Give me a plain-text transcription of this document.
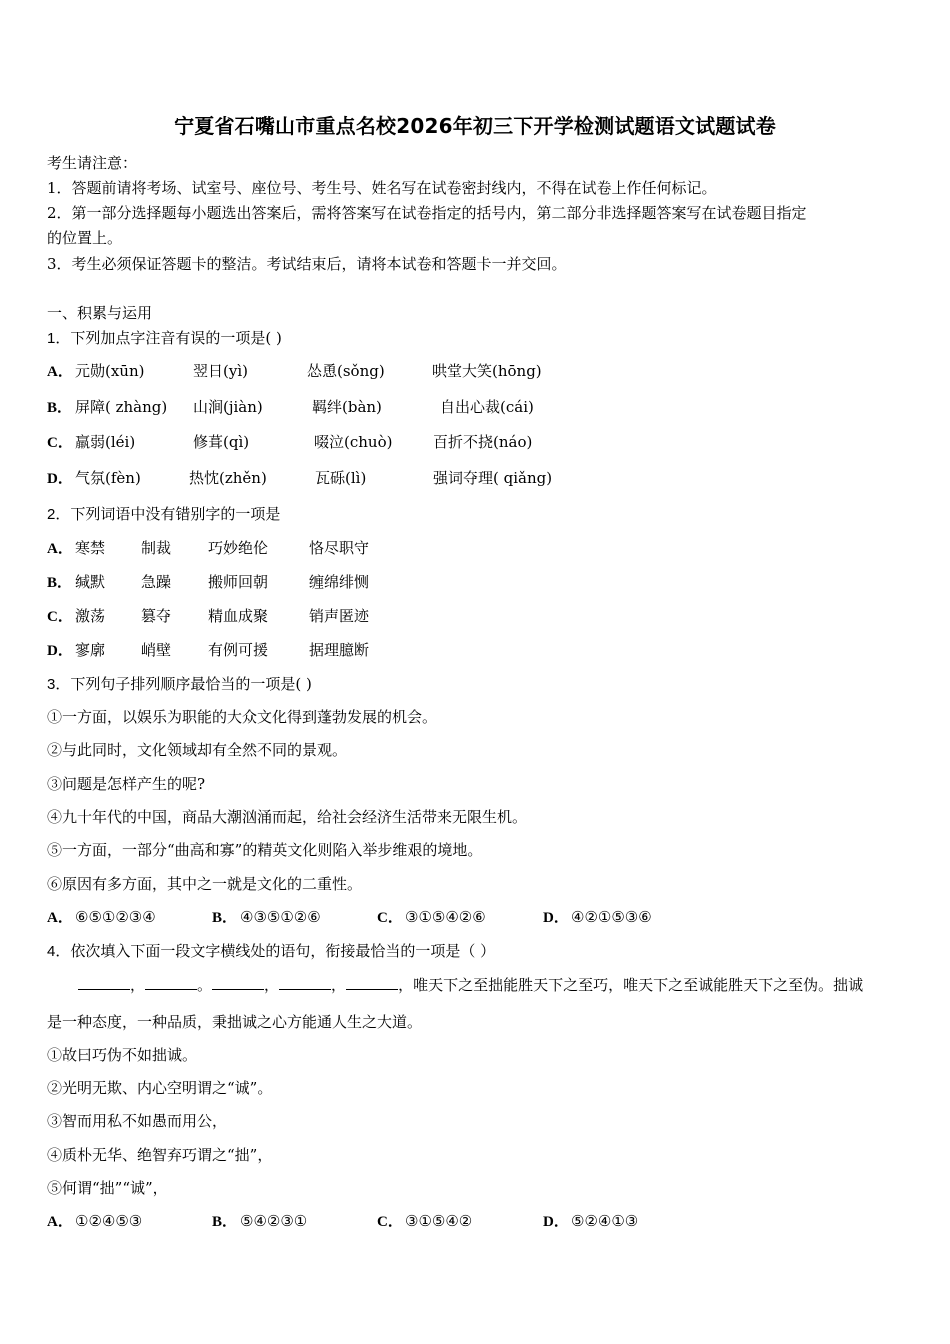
宁夏省石嘴山市重点名校2026年初三下开学检测试题语文试题试卷
考生请注意：
1．答题前请将考场、试室号、座位号、考生号、姓名写在试卷密封线内，不得在试卷上作任何标记。
2．第一部分选择题每小题选出答案后，需将答案写在试卷指定的括号内，第二部分非选择题答案写在试卷题目指定
的位置上。
3．考生必须保证答题卡的整洁。考试结束后，请将本试卷和答题卡一并交回。
一、积累与运用
1．下列加点字注音有误的一项是( )
A． 元勋(xūn)	翌日(yì)	怂恿(sǒng)	哄堂大笑(hōng)
B． 屏障( zhàng) 山涧(jiàn)	羁绊(bàn)	自出心裁(cái)
C． 羸弱(léi)	修葺(qì)	啜泣(chuò)	百折不挠(náo)
D． 气氛(fèn)	热忱(zhěn)	瓦砾(lì)	强词夺理( qiǎng)
2．下列词语中没有错别字的一项是
A． 寒禁 制裁 巧妙绝伦	恪尽职守
B． 缄默 急躁 搬师回朝	缠绵绯恻
C． 激荡 篡夺 精血成聚	销声匿迹
D． 寥廓 峭壁 有例可援	据理臆断
3．下列句子排列顺序最恰当的一项是( )
①一方面，以娱乐为职能的大众文化得到蓬勃发展的机会。
②与此同时，文化领域却有全然不同的景观。
③问题是怎样产生的呢?
④九十年代的中国，商品大潮汹涌而起，给社会经济生活带来无限生机。
⑤一方面，一部分“曲高和寡”的精英文化则陷入举步维艰的境地。
⑥原因有多方面，其中之一就是文化的二重性。
A． ⑥⑤①②③④	B． ④③⑤①②⑥	C． ③①⑤④②⑥	D． ④②①⑤③⑥
4．依次填入下面一段文字横线处的语句，衔接最恰当的一项是（ ）
，	。	，	，	，唯天下之至拙能胜天下之至巧，唯天下之至诚能胜天下之至伪。拙诚
是一种态度，一种品质，秉拙诚之心方能通人生之大道。
①故曰巧伪不如拙诚。
②光明无欺、内心空明谓之“诚”。
③智而用私不如愚而用公，
④质朴无华、绝智弃巧谓之“拙”，
⑤何谓“拙”“诚”，
A． ①②④⑤③	B． ⑤④②③①	C． ③①⑤④②	D． ⑤②④①③
